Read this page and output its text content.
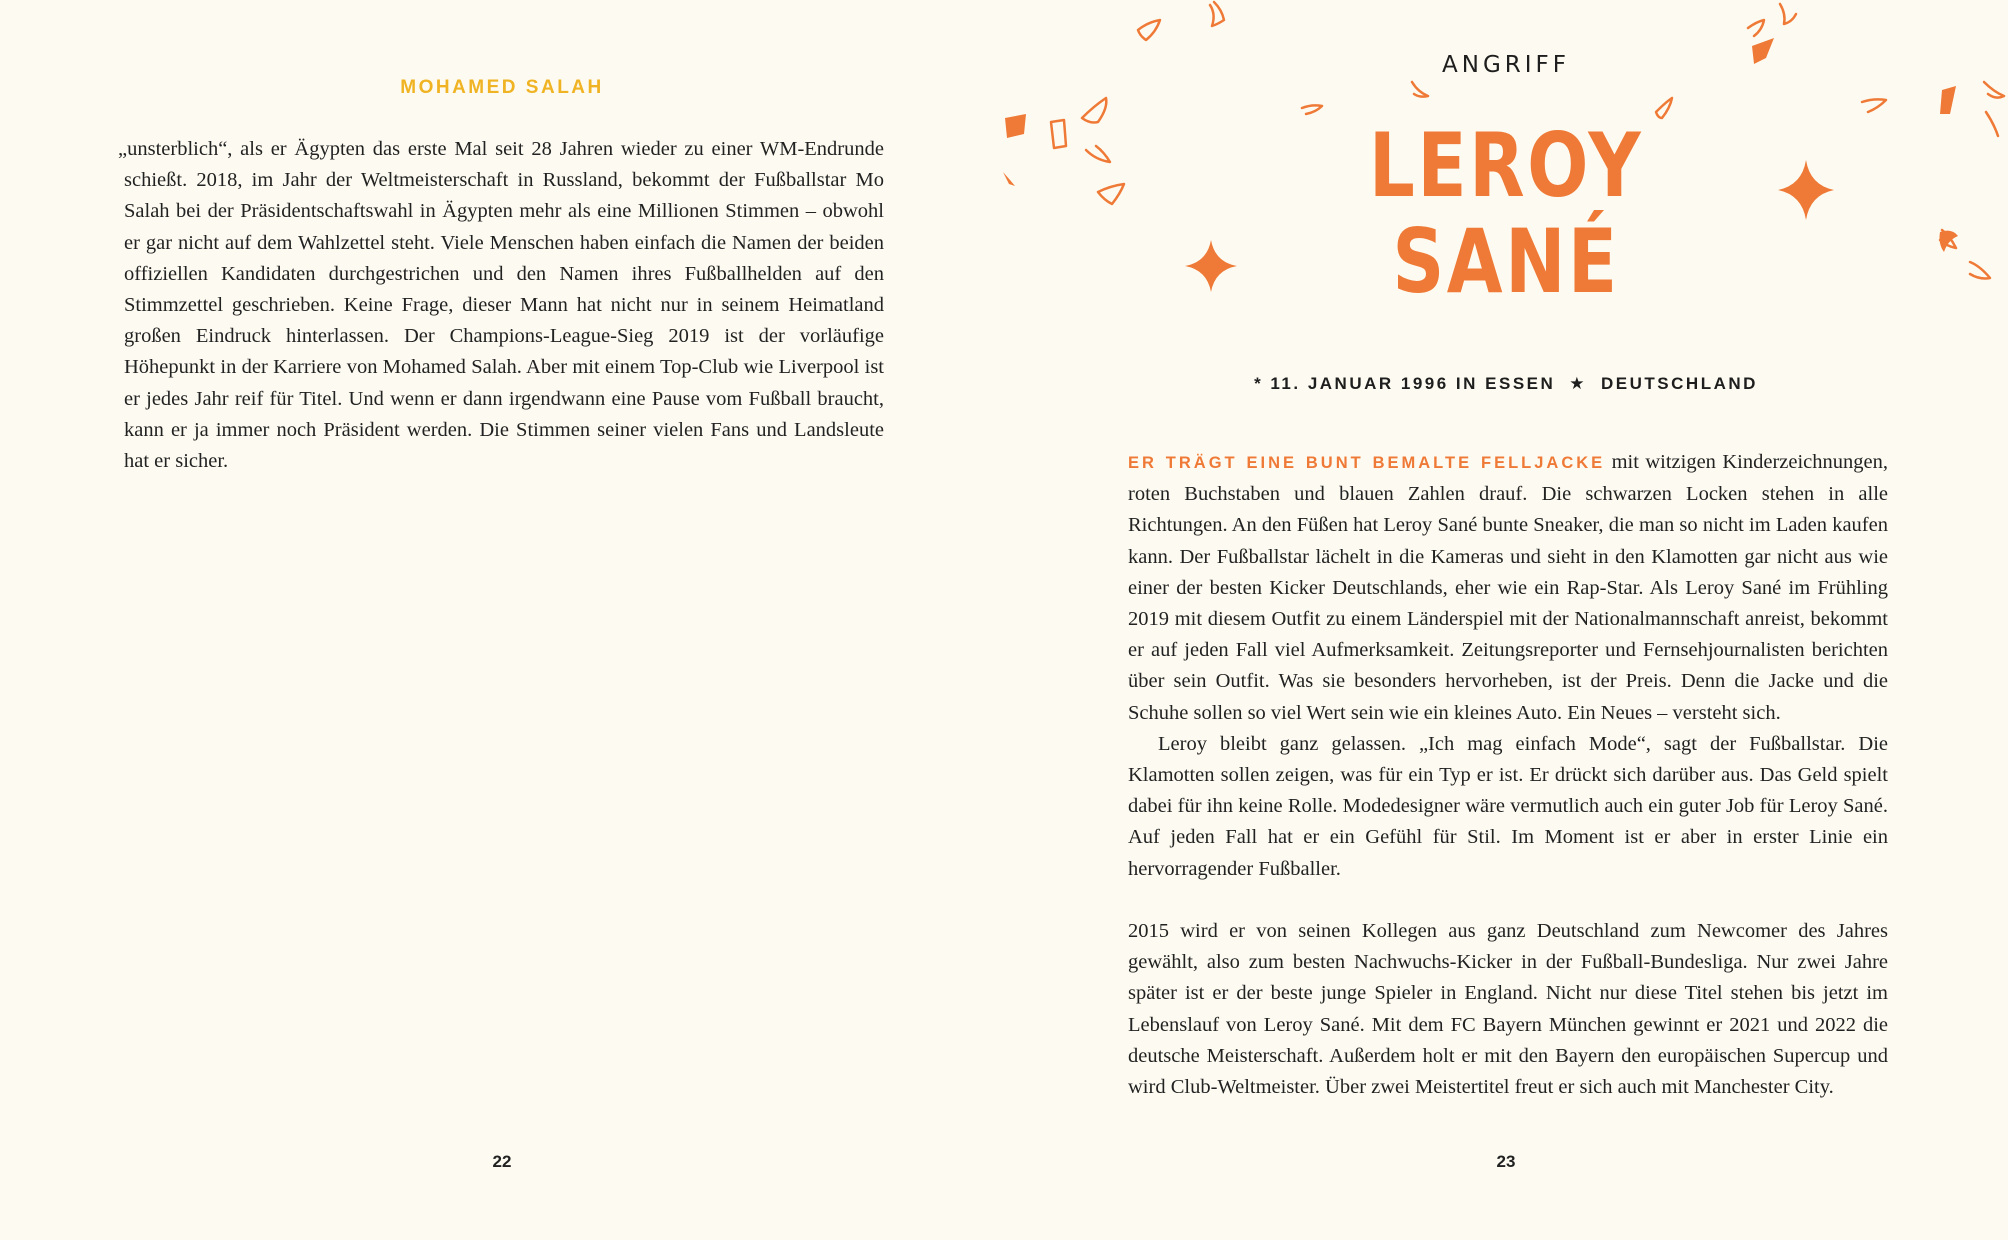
MOHAMED SALAH
„unsterblich“, als er Ägypten das erste Mal seit 28 Jahren wieder zu einer WM-Endrunde schießt. 2018, im Jahr der Weltmeisterschaft in Russland, bekommt der Fußballstar Mo Salah bei der Präsidentschaftswahl in Ägypten mehr als eine Millionen Stimmen – obwohl er gar nicht auf dem Wahlzettel steht. Viele Menschen haben einfach die Namen der beiden offiziellen Kandidaten durchgestrichen und den Namen ihres Fußballhelden auf den Stimmzettel geschrieben. Keine Frage, dieser Mann hat nicht nur in seinem Heimatland großen Eindruck hinterlassen. Der Champions-League-Sieg 2019 ist der vorläufige Höhepunkt in der Karriere von Mohamed Salah. Aber mit einem Top-Club wie Liverpool ist er jedes Jahr reif für Titel. Und wenn er dann irgendwann eine Pause vom Fußball braucht, kann er ja immer noch Präsident werden. Die Stimmen seiner vielen Fans und Landsleute hat er sicher.
22	23
ANGRIFF
LEROY
SANÉ
* 11. JANUAR 1996 IN ESSEN ★ DEUTSCHLAND

ER TRÄGT EINE BUNT BEMALTE FELLJACKE mit witzigen Kinderzeichnungen, roten Buchstaben und blauen Zahlen drauf. Die schwarzen Locken stehen in alle Richtungen. An den Füßen hat Leroy Sané bunte Sneaker, die man so nicht im Laden kaufen kann. Der Fußballstar lächelt in die Kameras und sieht in den Klamotten gar nicht aus wie einer der besten Kicker Deutschlands, eher wie ein Rap-Star. Als Leroy Sané im Frühling 2019 mit diesem Outfit zu einem Länderspiel mit der Nationalmannschaft anreist, bekommt er auf jeden Fall viel Aufmerksamkeit. Zeitungsreporter und Fernsehjournalisten berichten über sein Outfit. Was sie besonders hervorheben, ist der Preis. Denn die Jacke und die Schuhe sollen so viel Wert sein wie ein kleines Auto. Ein Neues – versteht sich.

Leroy bleibt ganz gelassen. „Ich mag einfach Mode“, sagt der Fußballstar. Die Klamotten sollen zeigen, was für ein Typ er ist. Er drückt sich darüber aus. Das Geld spielt dabei für ihn keine Rolle. Modedesigner wäre vermutlich auch ein guter Job für Leroy Sané. Auf jeden Fall hat er ein Gefühl für Stil. Im Moment ist er aber in erster Linie ein hervorragender Fußballer.

2015 wird er von seinen Kollegen aus ganz Deutschland zum Newcomer des Jahres gewählt, also zum besten Nachwuchs-Kicker in der Fußball-Bundesliga. Nur zwei Jahre später ist er der beste junge Spieler in England. Nicht nur diese Titel stehen bis jetzt im Lebenslauf von Leroy Sané. Mit dem FC Bayern München gewinnt er 2021 und 2022 die deutsche Meisterschaft. Außerdem holt er mit den Bayern den europäischen Supercup und wird Club-Weltmeister. Über zwei Meistertitel freut er sich auch mit Manchester City.
